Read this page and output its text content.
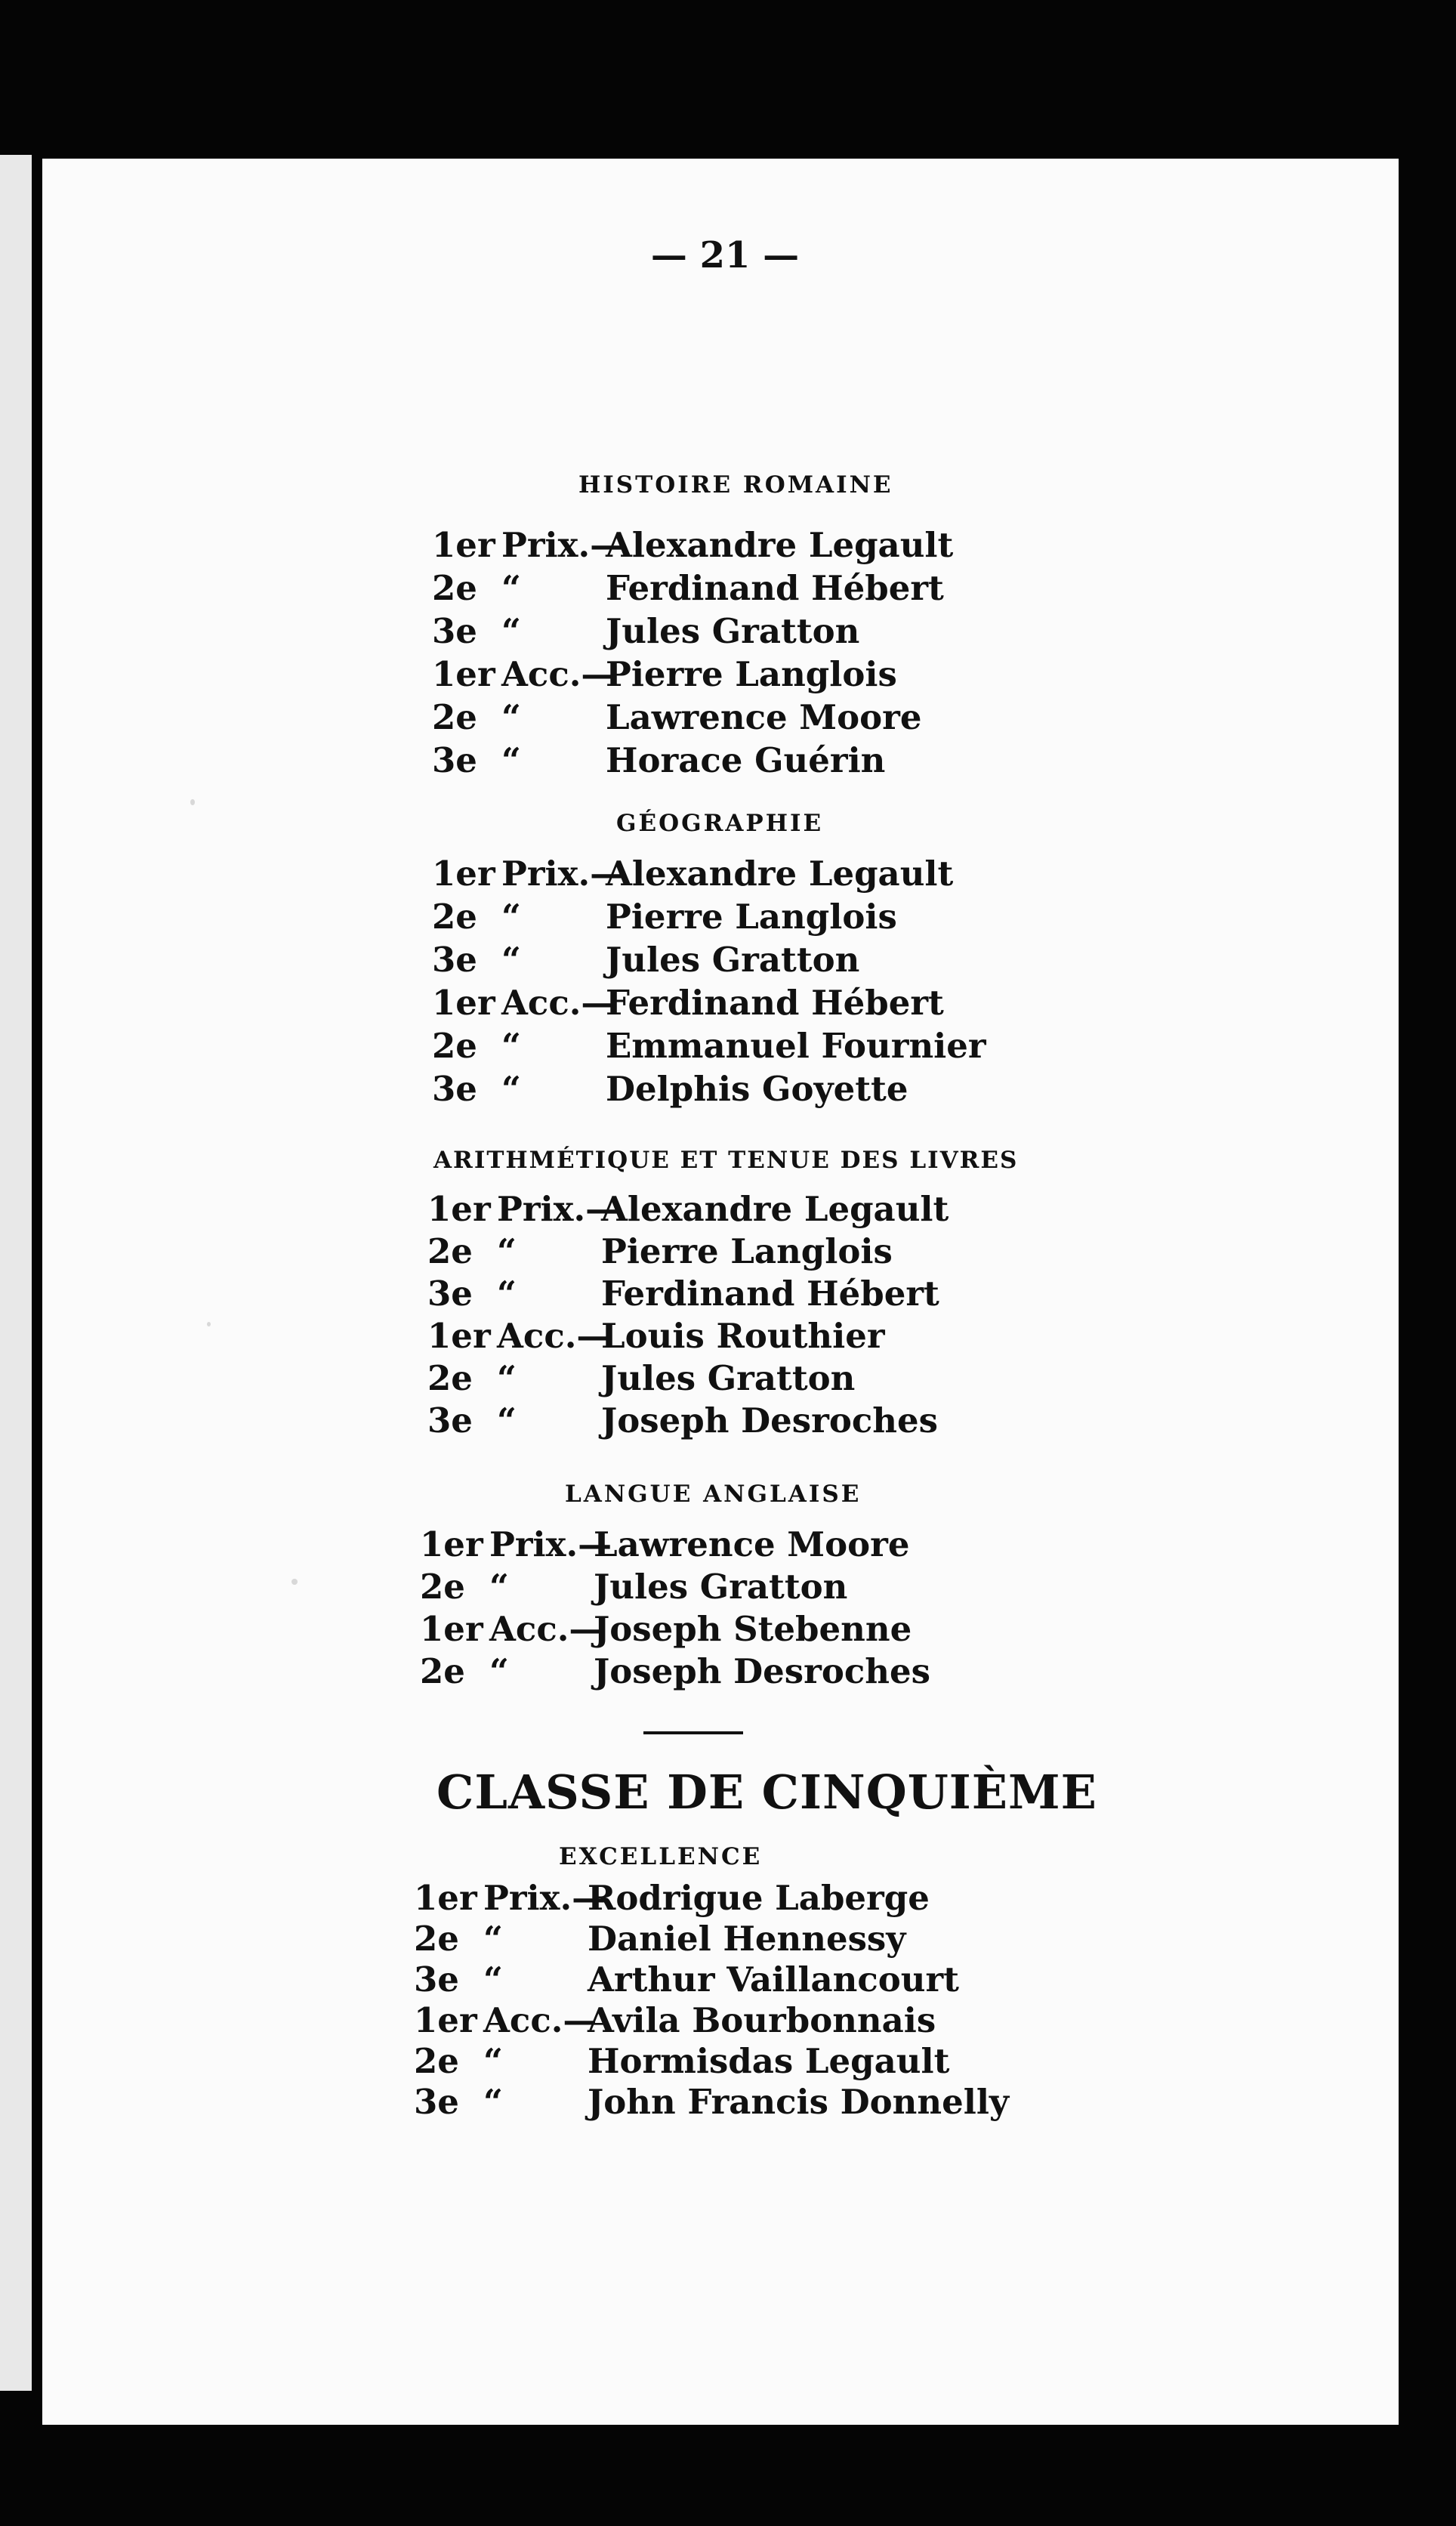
— 21 —
HISTOIRE ROMAINE
1er Prix.—
Alexandre Legault
2e “ Ferdinand Hébert
3e “ Jules Gratton
1er Acc.—
Pierre Langlois
2e “ Lawrence Moore
3e “ Horace Guérin
GÉOGRAPHIE
1er Prix.—
Alexandre Legault
2e “ Pierre Langlois
3e “ Jules Gratton
1er Acc.—
Ferdinand Hébert
2e “ Emmanuel Fournier
3e “ Delphis Goyette
ARITHMÉTIQUE ET TENUE DES LIVRES
1er Prix.—
Alexandre Legault
2e “ Pierre Langlois
3e “ Ferdinand Hébert
1er Acc.—
Louis Routhier
2e “ Jules Gratton
3e “ Joseph Desroches
LANGUE ANGLAISE
1er Prix.—
Lawrence Moore
2e “ Jules Gratton
1er Acc.—
Joseph Stebenne
2e “ Joseph Desroches
CLASSE DE CINQUIÈME
EXCELLENCE
1er Prix.—
Rodrigue Laberge
2e “ Daniel Hennessy
3e “ Arthur Vaillancourt
1er Acc.—
Avila Bourbonnais
2e “ Hormisdas Legault
3e “ John Francis Donnelly
